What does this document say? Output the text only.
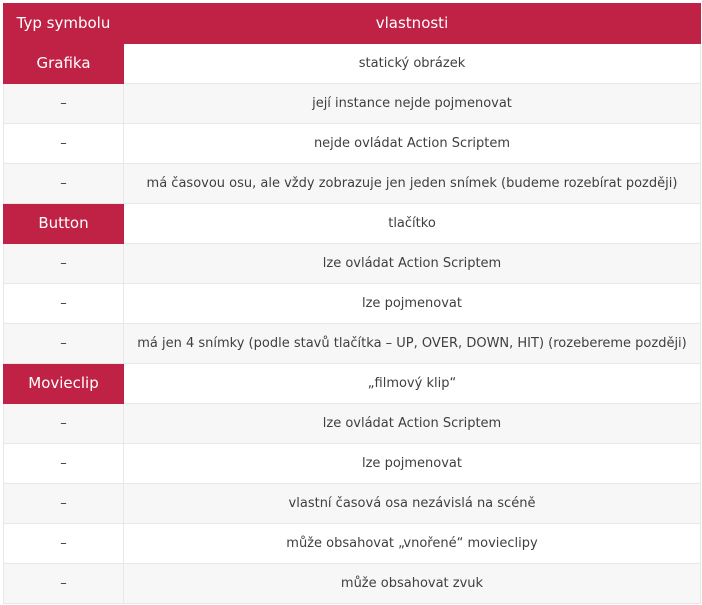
Typ symbolu	vlastnosti
Grafika	statický obrázek
–	její instance nejde pojmenovat
–	nejde ovládat Action Scriptem
–	má časovou osu, ale vždy zobrazuje jen jeden snímek (budeme rozebírat později)
Button	tlačítko
–	lze ovládat Action Scriptem
–	lze pojmenovat
–	má jen 4 snímky (podle stavů tlačítka – UP, OVER, DOWN, HIT) (rozebereme později)
Movieclip	„filmový klip“
–	lze ovládat Action Scriptem
–	lze pojmenovat
–	vlastní časová osa nezávislá na scéně
–	může obsahovat „vnořené“ movieclipy
–	může obsahovat zvuk
